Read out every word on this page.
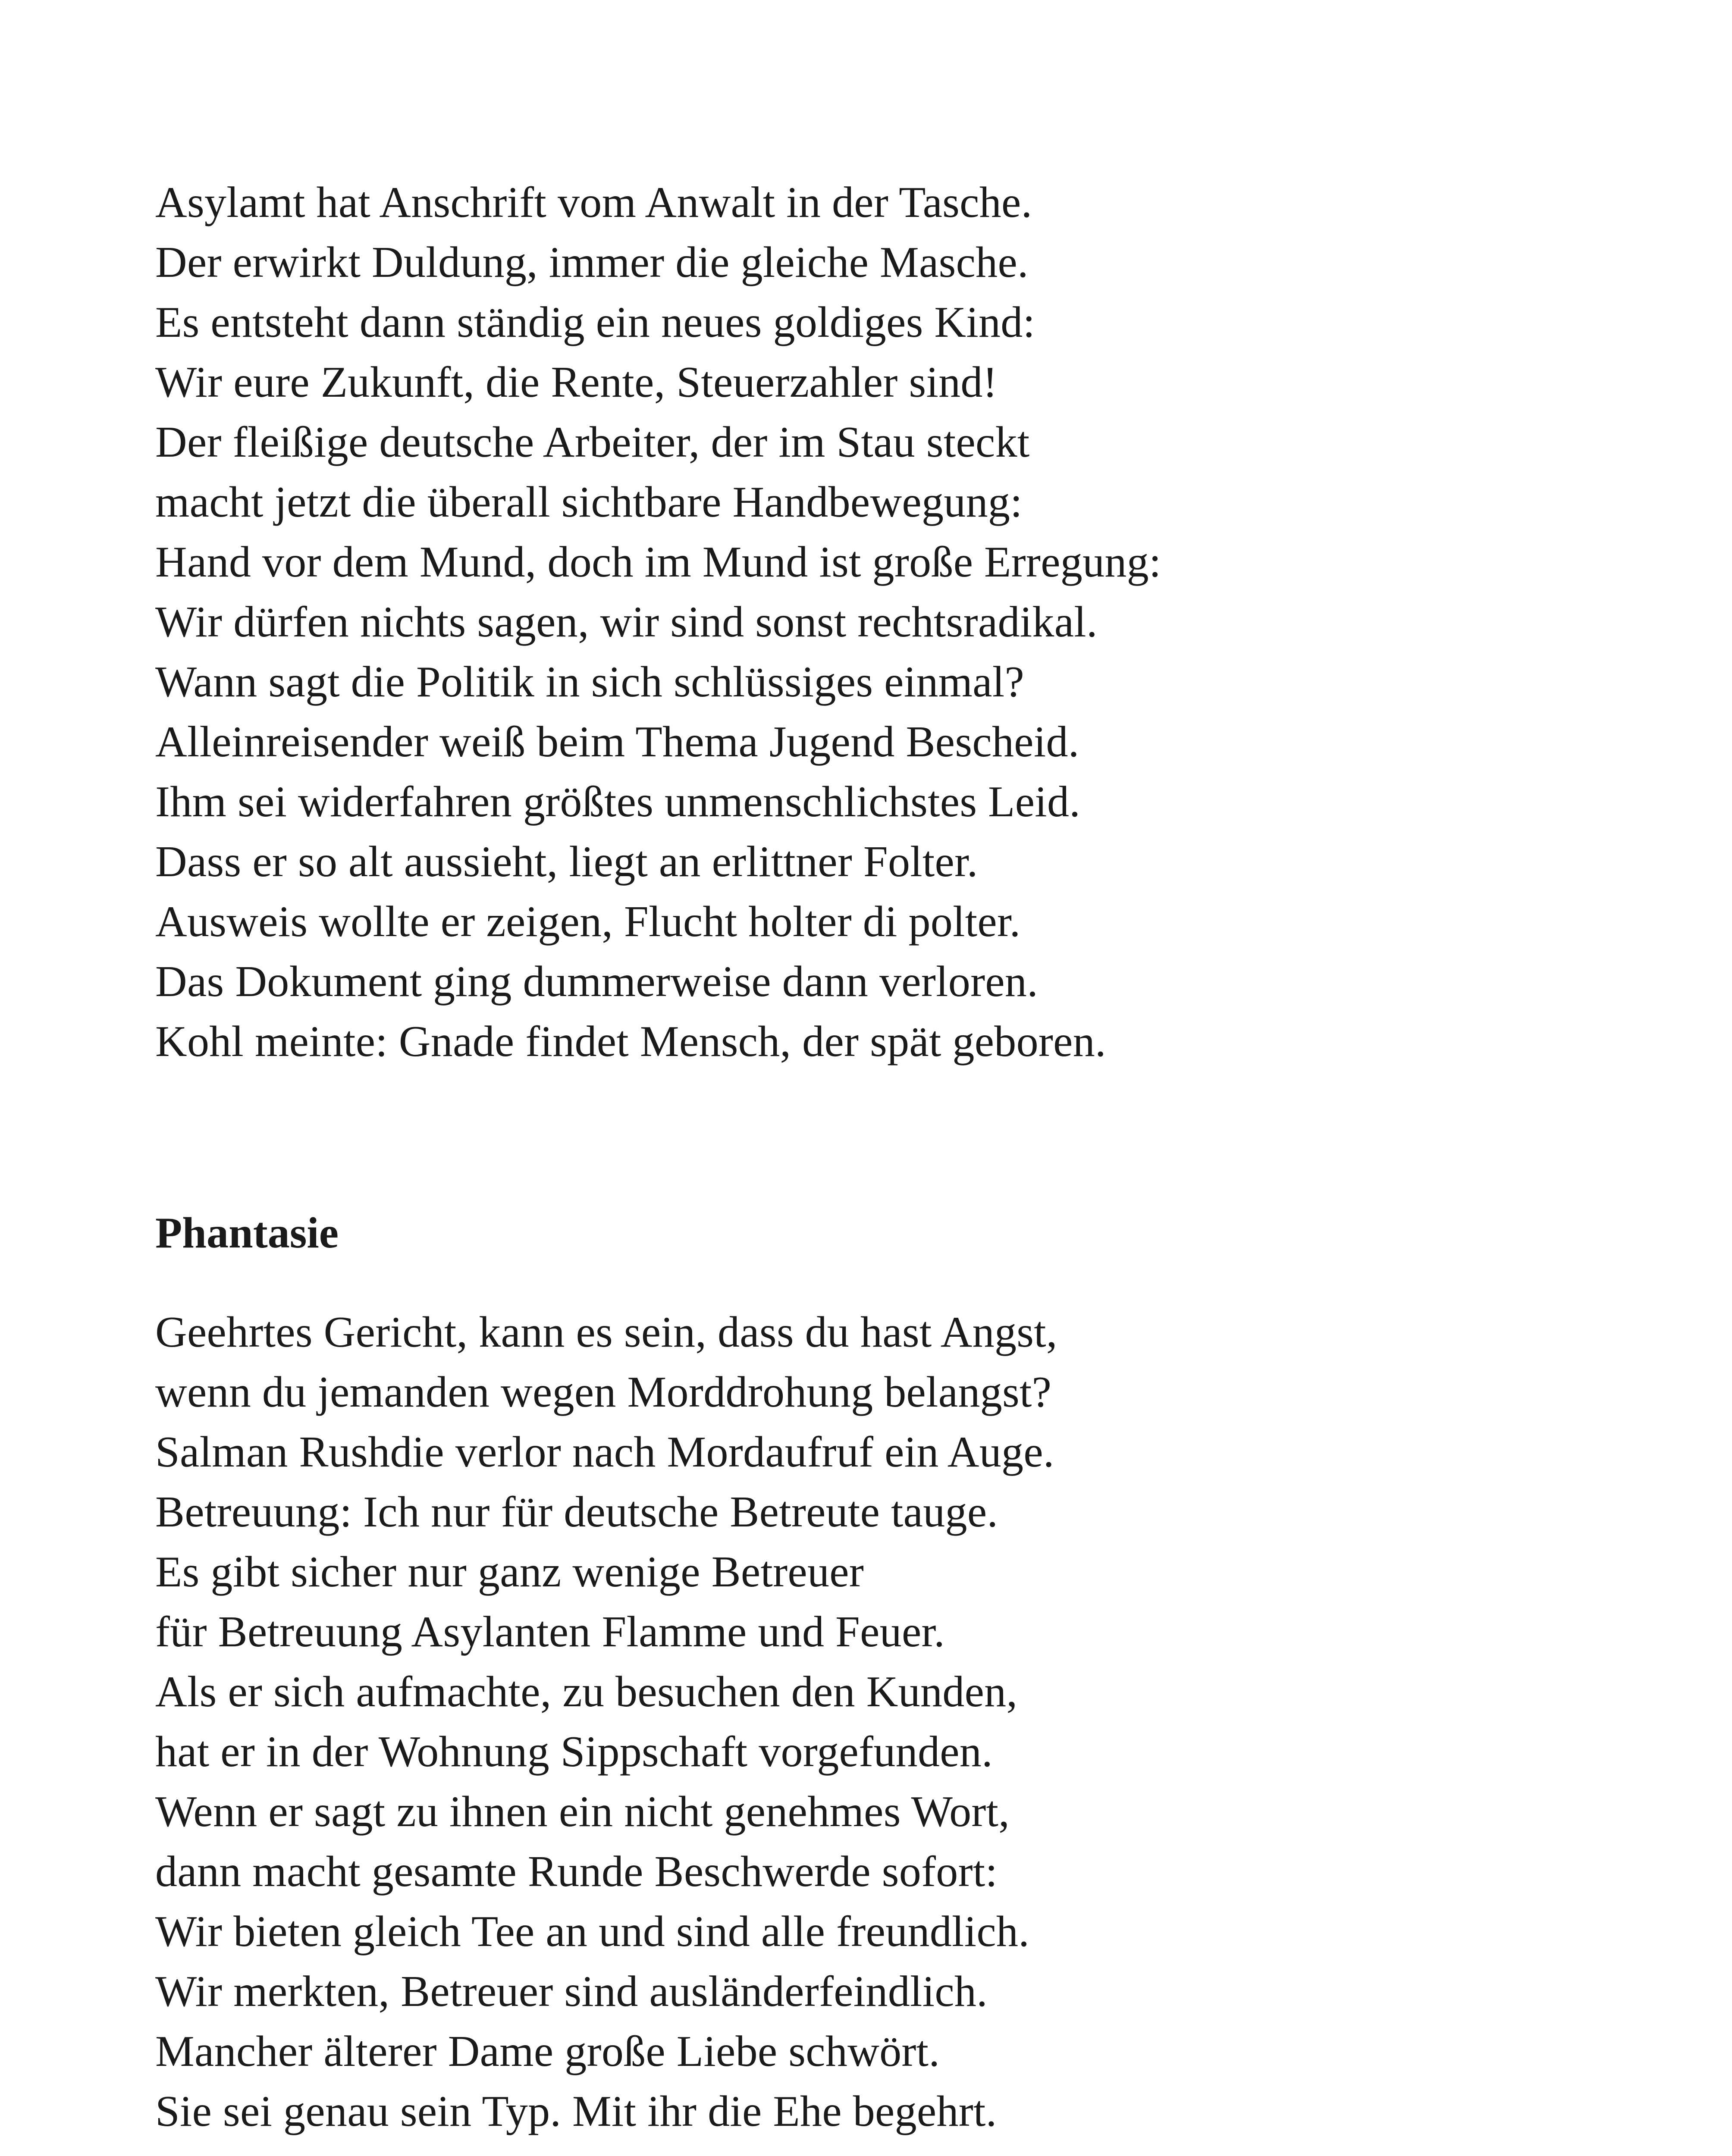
Asylamt hat Anschrift vom Anwalt in der Tasche.
Der erwirkt Duldung, immer die gleiche Masche.
Es entsteht dann ständig ein neues goldiges Kind:
Wir eure Zukunft, die Rente, Steuerzahler sind!
Der fleißige deutsche Arbeiter, der im Stau steckt
macht jetzt die überall sichtbare Handbewegung:
Hand vor dem Mund, doch im Mund ist große Erregung:
Wir dürfen nichts sagen, wir sind sonst rechtsradikal.
Wann sagt die Politik in sich schlüssiges einmal?
Alleinreisender weiß beim Thema Jugend Bescheid.
Ihm sei widerfahren größtes unmenschlichstes Leid.
Dass er so alt aussieht, liegt an erlittner Folter.
Ausweis wollte er zeigen, Flucht holter di polter.
Das Dokument ging dummerweise dann verloren.
Kohl meinte: Gnade findet Mensch, der spät geboren.
Phantasie
Geehrtes Gericht, kann es sein, dass du hast Angst,
wenn du jemanden wegen Morddrohung belangst?
Salman Rushdie verlor nach Mordaufruf ein Auge.
Betreuung: Ich nur für deutsche Betreute tauge.
Es gibt sicher nur ganz wenige Betreuer
für Betreuung Asylanten Flamme und Feuer.
Als er sich aufmachte, zu besuchen den Kunden,
hat er in der Wohnung Sippschaft vorgefunden.
Wenn er sagt zu ihnen ein nicht genehmes Wort,
dann macht gesamte Runde Beschwerde sofort:
Wir bieten gleich Tee an und sind alle freundlich.
Wir merkten, Betreuer sind ausländerfeindlich.
Mancher älterer Dame große Liebe schwört.
Sie sei genau sein Typ. Mit ihr die Ehe begehrt.
